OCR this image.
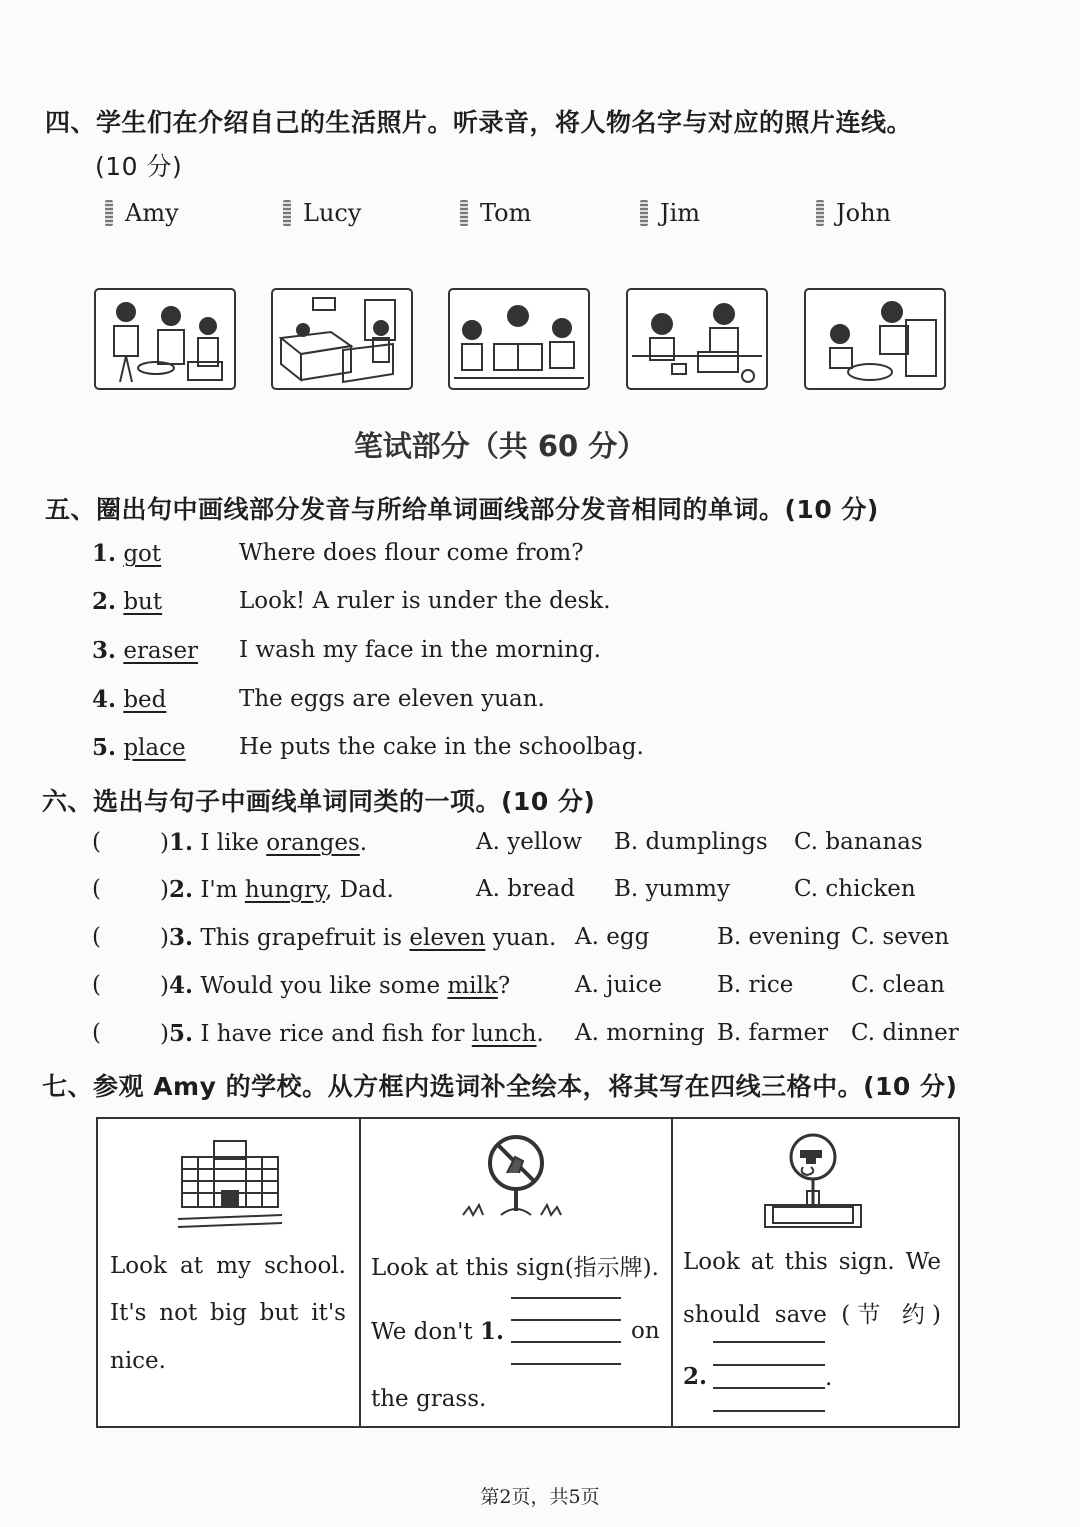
四、学生们在介绍自己的生活照片。听录音，将人物名字与对应的照片连线。
(10 分)
Amy	Lucy	Tom	Jim	John
笔试部分（共 60 分）
五、圈出句中画线部分发音与所给单词画线部分发音相同的单词。(10 分)
1. got	Where does flour come from?
2. but	Look! A ruler is under the desk.
3. eraser I wash my face in the morning.
4. bed	The eggs are eleven yuan.
5. place He puts the cake in the schoolbag.
六、选出与句子中画线单词同类的一项。(10 分)
(	)1. I like oranges.	A. yellow B. dumplings C. bananas
(	)2. I'm hungry, Dad.	A. bread B. yummy	C. chicken
(	)3. This grapefruit is eleven yuan. A. egg	B. evening C. seven
(	)4. Would you like some milk?	A. juice B. rice	C. clean
(	)5. I have rice and fish for lunch. A. morning B. farmer C. dinner
七、参观 Amy 的学校。从方框内选词补全绘本，将其写在四线三格中。(10 分)
Look at my school.
It's not big but it's
nice.
Look at this sign(指示牌).
We don't 1.	on
the grass.
Look at this sign. We
should save (节 约)
2.	.
第2页，共5页
